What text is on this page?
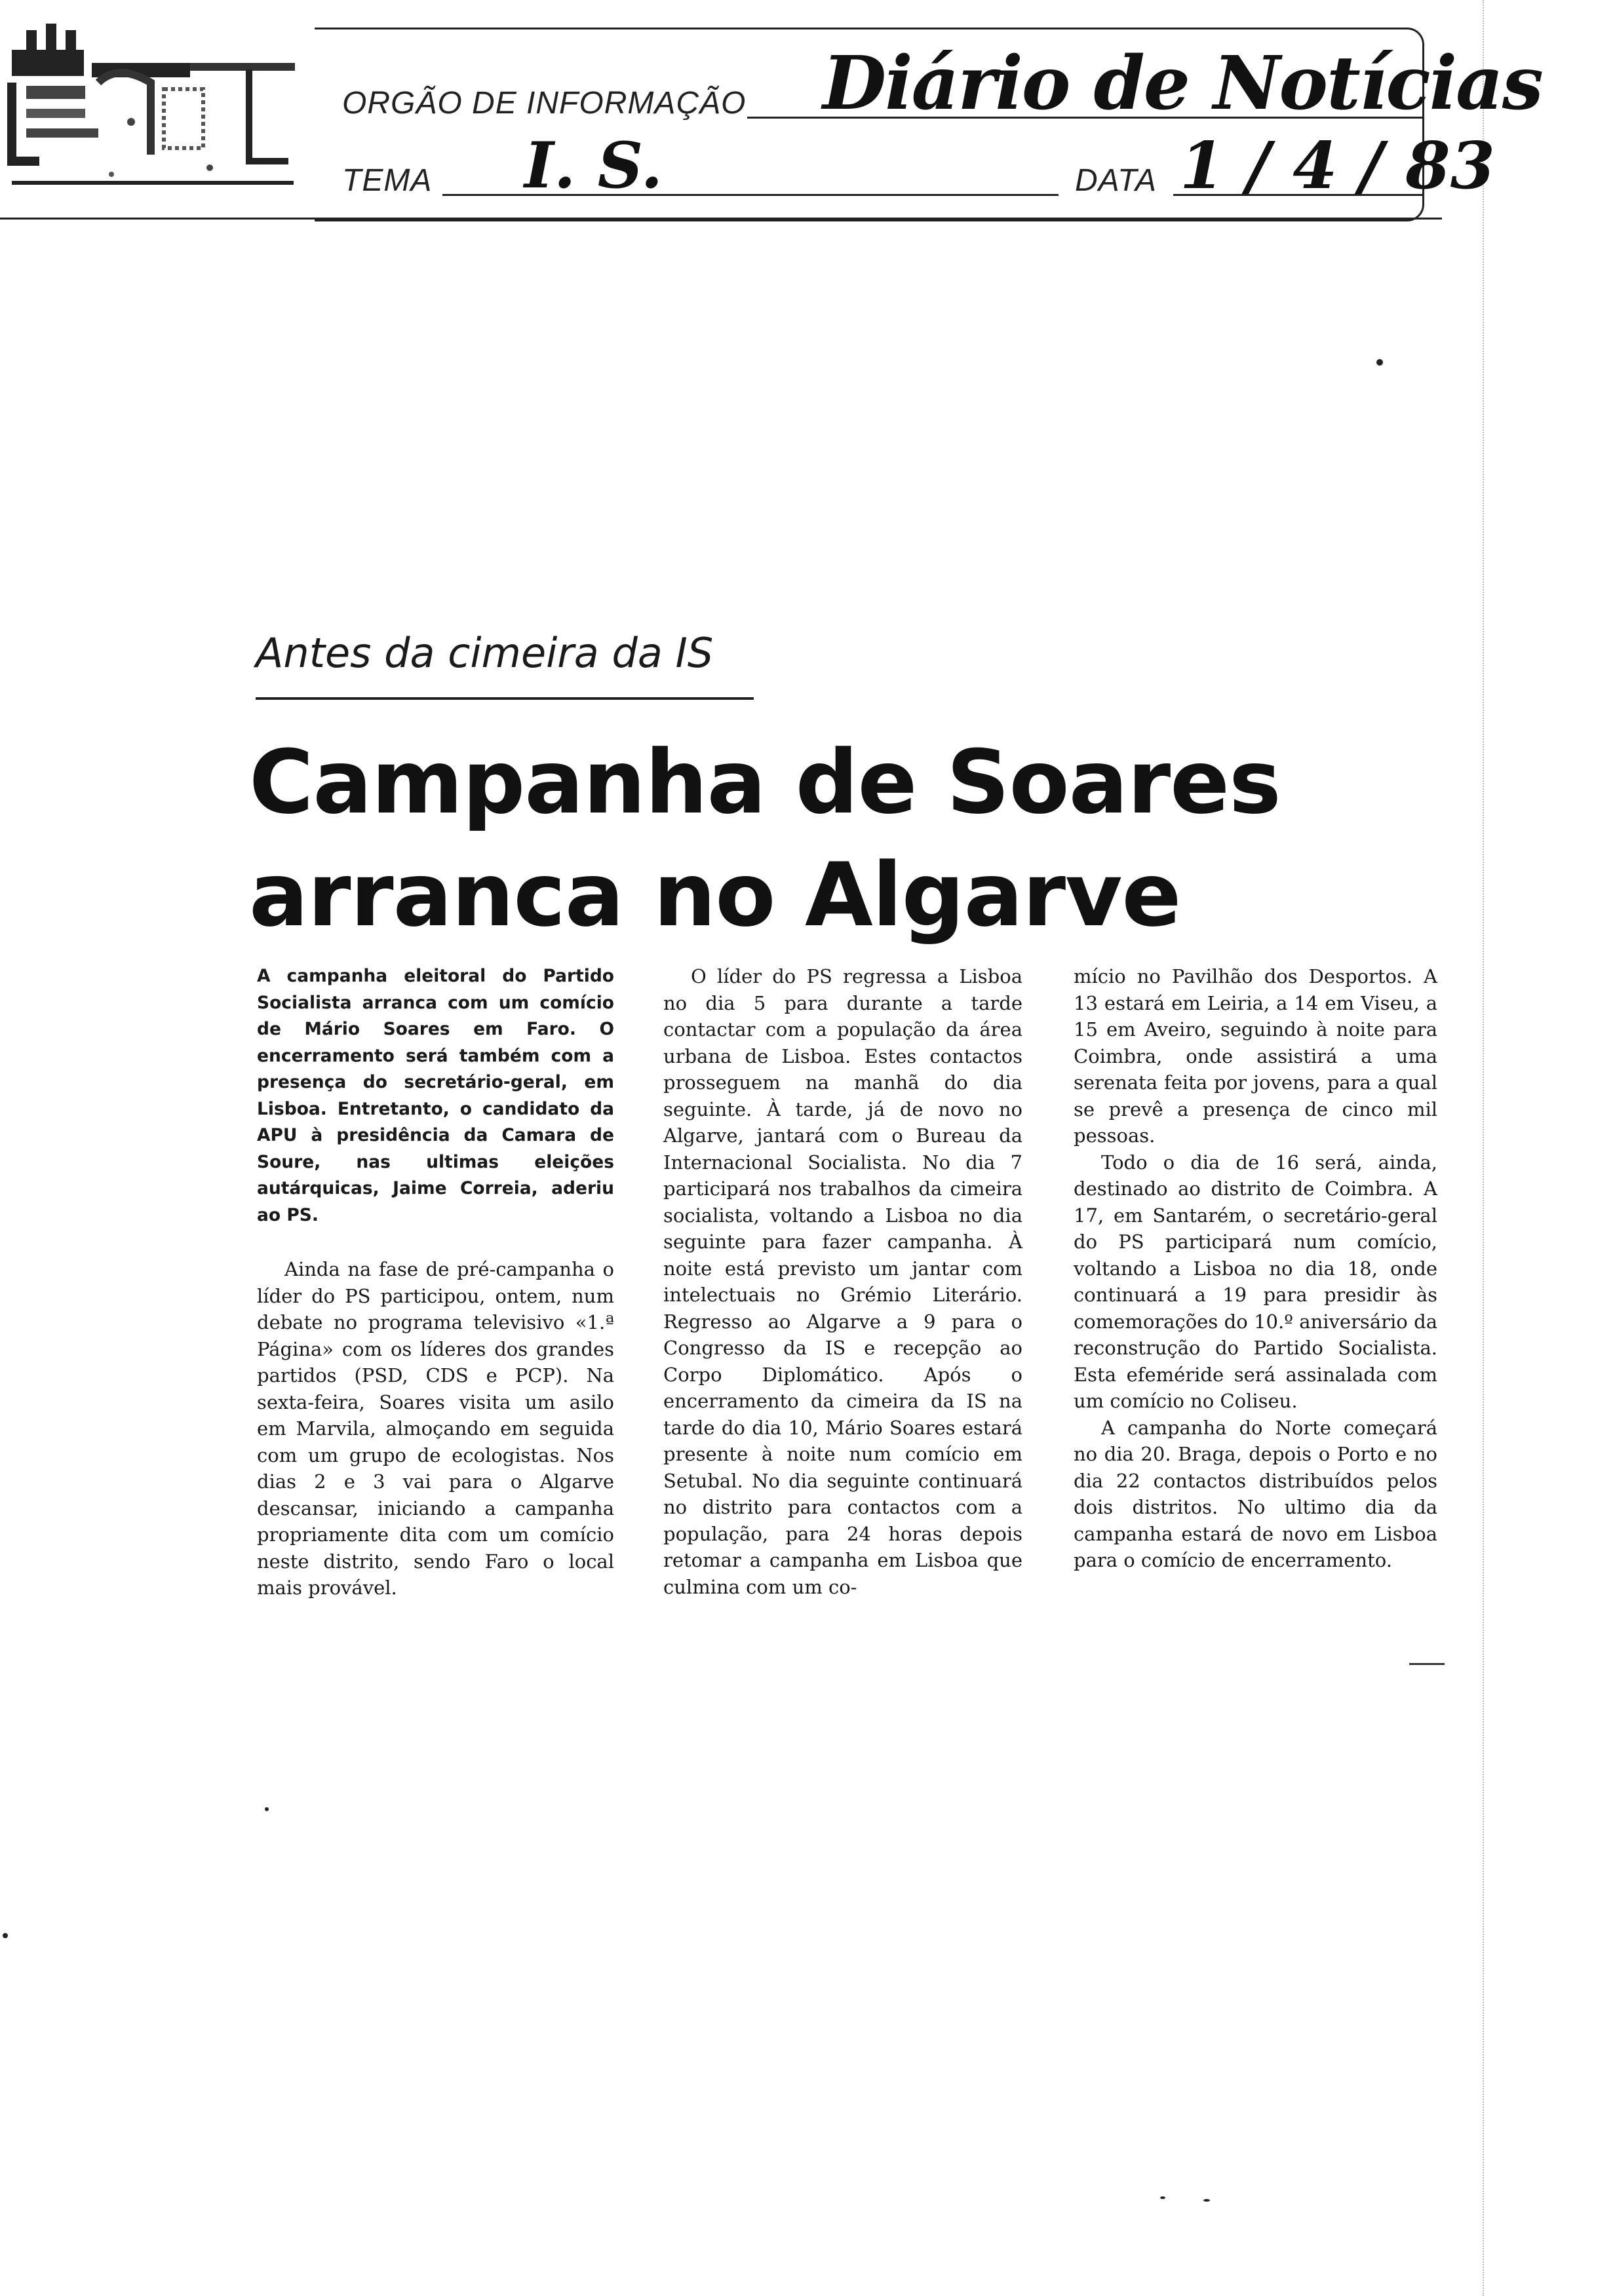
ORGÃO DE INFORMAÇÃO Diário de Notícias
TEMA I. S.	DATA 1 / 4 / 83
Antes da cimeira da IS
Campanha de Soares
arranca no Algarve

A campanha eleitoral do Partido Socialista arranca com um comício de Mário Soares em Faro. O encerramento será também com a presença do secretário-geral, em Lisboa. Entretanto, o candidato da APU à presidência da Camara de Soure, nas ultimas eleições autárquicas, Jaime Correia, aderiu ao PS.

Ainda na fase de pré-campanha o líder do PS participou, ontem, num debate no programa televisivo «1.ª Página» com os líderes dos grandes partidos (PSD, CDS e PCP). Na sexta-feira, Soares visita um asilo em Marvila, almoçando em seguida com um grupo de ecologistas. Nos dias 2 e 3 vai para o Algarve descansar, iniciando a campanha propriamente dita com um comício neste distrito, sendo Faro o local mais provável.

O líder do PS regressa a Lisboa no dia 5 para durante a tarde contactar com a população da área urbana de Lisboa. Estes contactos prosseguem na manhã do dia seguinte. À tarde, já de novo no Algarve, jantará com o Bureau da Internacional Socialista. No dia 7 participará nos trabalhos da cimeira socialista, voltando a Lisboa no dia seguinte para fazer campanha. À noite está previsto um jantar com intelectuais no Grémio Literário. Regresso ao Algarve a 9 para o Congresso da IS e recepção ao Corpo Diplomático. Após o encerramento da cimeira da IS na tarde do dia 10, Mário Soares estará presente à noite num comício em Setubal. No dia seguinte continuará no distrito para contactos com a população, para 24 horas depois retomar a campanha em Lisboa que culmina com um co-

mício no Pavilhão dos Desportos. A 13 estará em Leiria, a 14 em Viseu, a 15 em Aveiro, seguindo à noite para Coimbra, onde assistirá a uma serenata feita por jovens, para a qual se prevê a presença de cinco mil pessoas.

Todo o dia de 16 será, ainda, destinado ao distrito de Coimbra. A 17, em Santarém, o secretário-geral do PS participará num comício, voltando a Lisboa no dia 18, onde continuará a 19 para presidir às comemorações do 10.º aniversário da reconstrução do Partido Socialista. Esta efeméride será assinalada com um comício no Coliseu.

A campanha do Norte começará no dia 20. Braga, depois o Porto e no dia 22 contactos distribuídos pelos dois distritos. No ultimo dia da campanha estará de novo em Lisboa para o comício de encerramento.
